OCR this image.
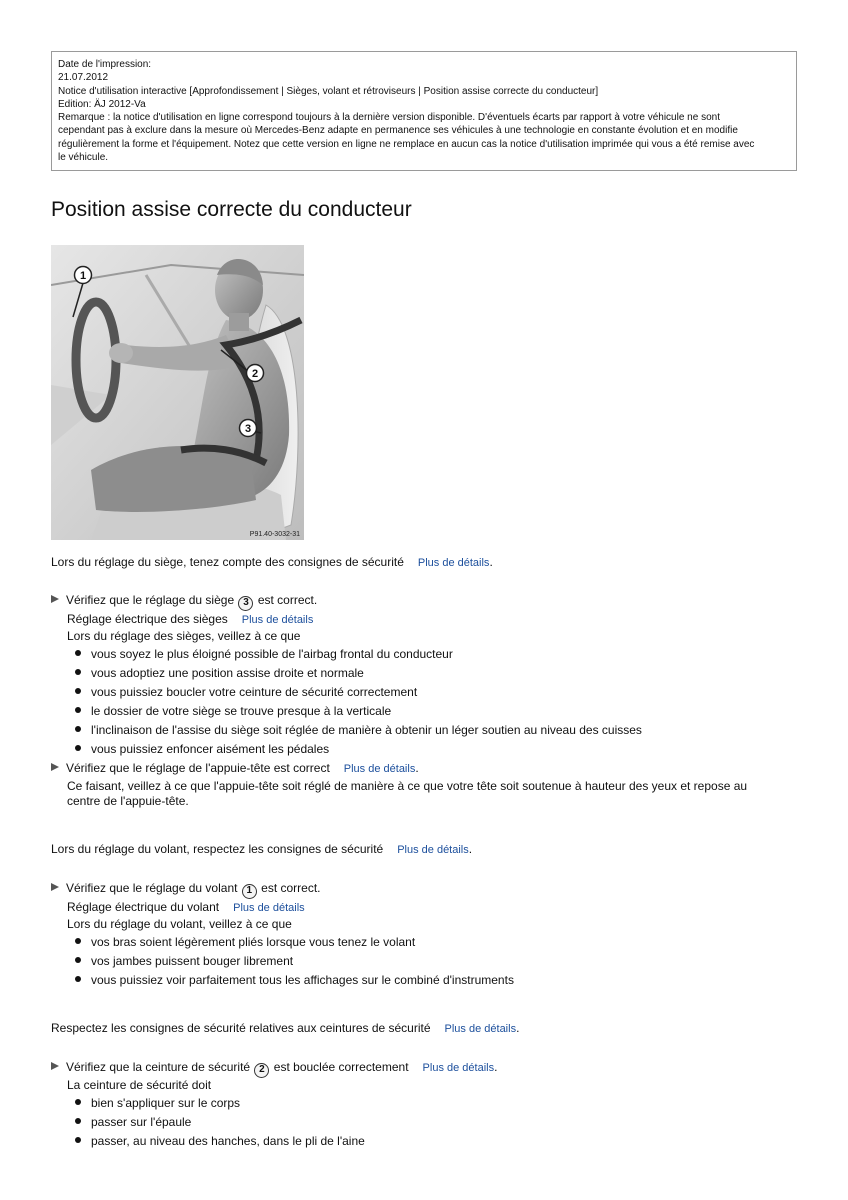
Date de l'impression:
21.07.2012
Notice d'utilisation interactive [Approfondissement | Sièges, volant et rétroviseurs | Position assise correcte du conducteur]
Edition: ÄJ 2012-Va
Remarque : la notice d'utilisation en ligne correspond toujours à la dernière version disponible. D'éventuels écarts par rapport à votre véhicule ne sont
cependant pas à exclure dans la mesure où Mercedes-Benz adapte en permanence ses véhicules à une technologie en constante évolution et en modifie
régulièrement la forme et l'équipement. Notez que cette version en ligne ne remplace en aucun cas la notice d'utilisation imprimée qui vous a été remise avec
le véhicule.
Position assise correcte du conducteur
1
2
3
P91.40-3032-31
Lors du réglage du siège, tenez compte des consignes de sécurité Plus de détails.
Vérifiez que le réglage du siège 3 est correct.
Réglage électrique des sièges Plus de détails
Lors du réglage des sièges, veillez à ce que
vous soyez le plus éloigné possible de l'airbag frontal du conducteur
vous adoptiez une position assise droite et normale
vous puissiez boucler votre ceinture de sécurité correctement
le dossier de votre siège se trouve presque à la verticale
l'inclinaison de l'assise du siège soit réglée de manière à obtenir un léger soutien au niveau des cuisses
vous puissiez enfoncer aisément les pédales
Vérifiez que le réglage de l'appuie-tête est correct Plus de détails.
Ce faisant, veillez à ce que l'appuie-tête soit réglé de manière à ce que votre tête soit soutenue à hauteur des yeux et repose au
centre de l'appuie-tête.
Lors du réglage du volant, respectez les consignes de sécurité Plus de détails.
Vérifiez que le réglage du volant 1 est correct.
Réglage électrique du volant Plus de détails
Lors du réglage du volant, veillez à ce que
vos bras soient légèrement pliés lorsque vous tenez le volant
vos jambes puissent bouger librement
vous puissiez voir parfaitement tous les affichages sur le combiné d'instruments
Respectez les consignes de sécurité relatives aux ceintures de sécurité Plus de détails.
Vérifiez que la ceinture de sécurité 2 est bouclée correctement Plus de détails.
La ceinture de sécurité doit
bien s'appliquer sur le corps
passer sur l'épaule
passer, au niveau des hanches, dans le pli de l'aine
